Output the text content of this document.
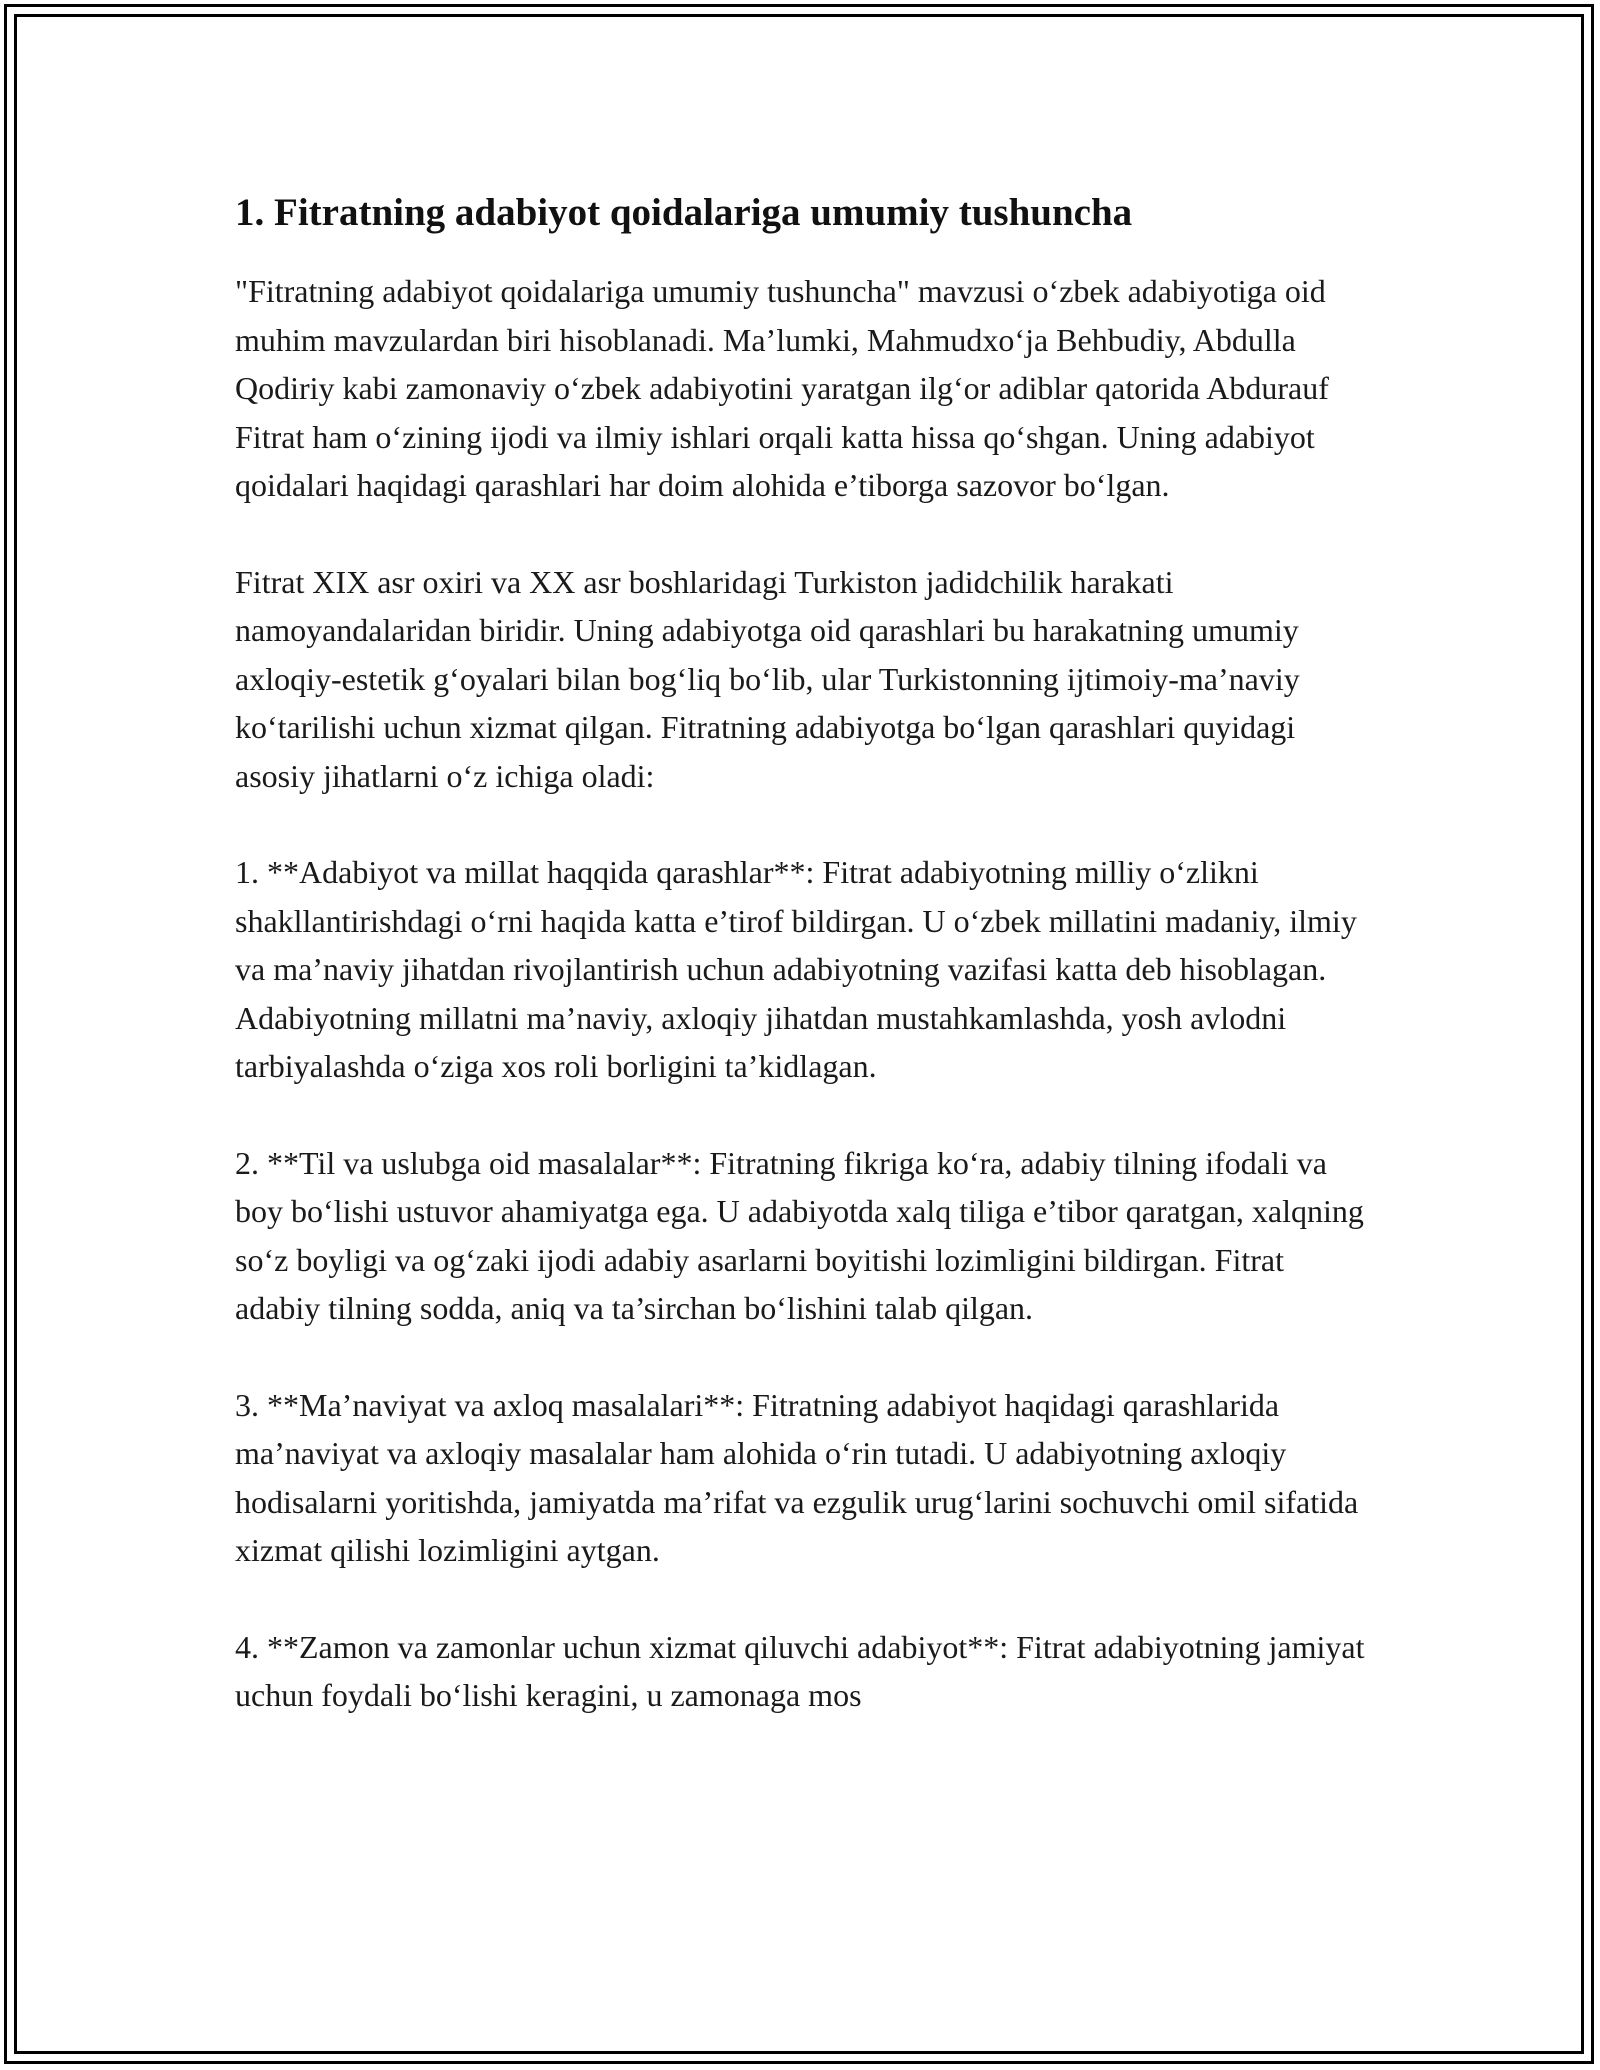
1. Fitratning adabiyot qoidalariga umumiy tushuncha

"Fitratning adabiyot qoidalariga umumiy tushuncha" mavzusi o‘zbek adabiyotiga oid muhim mavzulardan biri hisoblanadi. Ma’lumki, Mahmudxo‘ja Behbudiy, Abdulla Qodiriy kabi zamonaviy o‘zbek adabiyotini yaratgan ilg‘or adiblar qatorida Abdurauf Fitrat ham o‘zining ijodi va ilmiy ishlari orqali katta hissa qo‘shgan. Uning adabiyot qoidalari haqidagi qarashlari har doim alohida e’tiborga sazovor bo‘lgan.

Fitrat XIX asr oxiri va XX asr boshlaridagi Turkiston jadidchilik harakati namoyandalaridan biridir. Uning adabiyotga oid qarashlari bu harakatning umumiy axloqiy-estetik g‘oyalari bilan bog‘liq bo‘lib, ular Turkistonning ijtimoiy-ma’naviy ko‘tarilishi uchun xizmat qilgan. Fitratning adabiyotga bo‘lgan qarashlari quyidagi asosiy jihatlarni o‘z ichiga oladi:

1. **Adabiyot va millat haqqida qarashlar**: Fitrat adabiyotning milliy o‘zlikni shakllantirishdagi o‘rni haqida katta e’tirof bildirgan. U o‘zbek millatini madaniy, ilmiy va ma’naviy jihatdan rivojlantirish uchun adabiyotning vazifasi katta deb hisoblagan. Adabiyotning millatni ma’naviy, axloqiy jihatdan mustahkamlashda, yosh avlodni tarbiyalashda o‘ziga xos roli borligini ta’kidlagan.

2. **Til va uslubga oid masalalar**: Fitratning fikriga ko‘ra, adabiy tilning ifodali va boy bo‘lishi ustuvor ahamiyatga ega. U adabiyotda xalq tiliga e’tibor qaratgan, xalqning so‘z boyligi va og‘zaki ijodi adabiy asarlarni boyitishi lozimligini bildirgan. Fitrat adabiy tilning sodda, aniq va ta’sirchan bo‘lishini talab qilgan.

3. **Ma’naviyat va axloq masalalari**: Fitratning adabiyot haqidagi qarashlarida ma’naviyat va axloqiy masalalar ham alohida o‘rin tutadi. U adabiyotning axloqiy hodisalarni yoritishda, jamiyatda ma’rifat va ezgulik urug‘larini sochuvchi omil sifatida xizmat qilishi lozimligini aytgan.

4. **Zamon va zamonlar uchun xizmat qiluvchi adabiyot**: Fitrat adabiyotning jamiyat uchun foydali bo‘lishi keragini, u zamonaga mos
